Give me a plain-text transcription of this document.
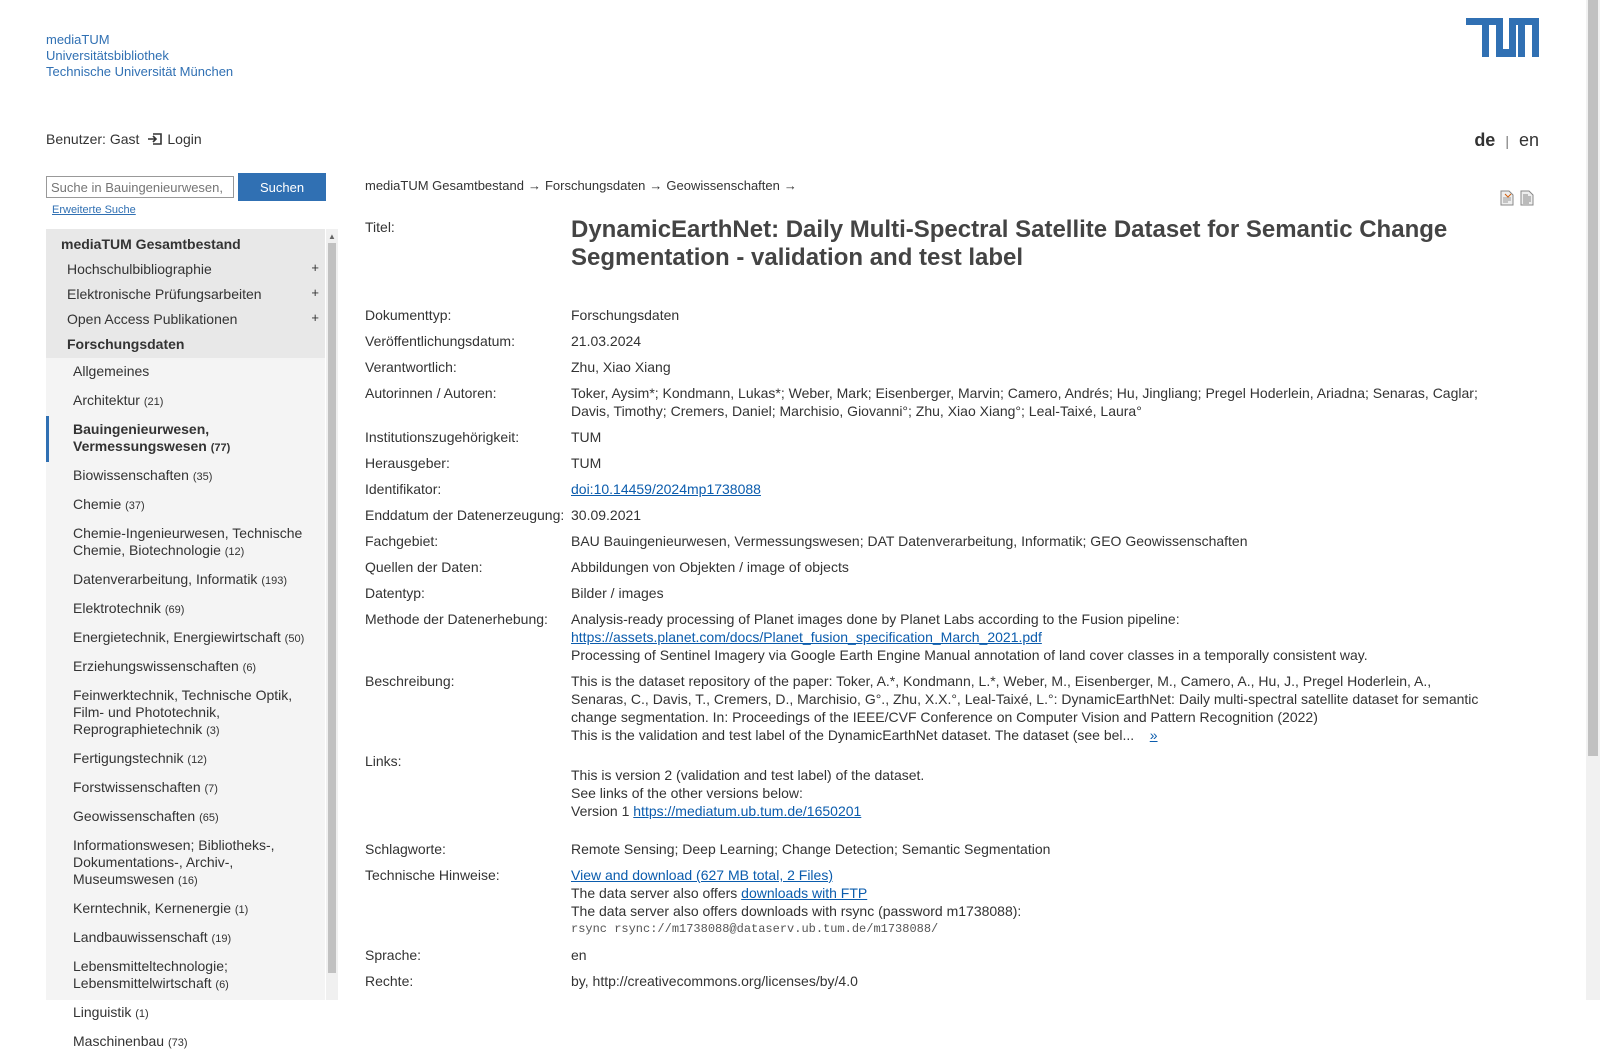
mediaTUM
Universitätsbibliothek
Technische Universität München
Benutzer: Gast Login	de | en
Suche in Bauingenieurwesen,
Suchen
Erweiterte Suche
mediaTUM Gesamtbestand
Hochschulbibliographie	+
Elektronische Prüfungsarbeiten	+
Open Access Publikationen	+
Forschungsdaten
Allgemeines
Architektur (21)
Bauingenieurwesen, Vermessungswesen (77)
Biowissenschaften (35)
Chemie (37)
Chemie-Ingenieurwesen, Technische Chemie, Biotechnologie (12)
Datenverarbeitung, Informatik (193)
Elektrotechnik (69)
Energietechnik, Energiewirtschaft (50)
Erziehungswissenschaften (6)
Feinwerktechnik, Technische Optik, Film- und Phototechnik, Reprographietechnik (3)
Fertigungstechnik (12)
Forstwissenschaften (7)
Geowissenschaften (65)
Informationswesen; Bibliotheks-, Dokumentations-, Archiv-, Museumswesen (16)
Kerntechnik, Kernenergie (1)
Landbauwissenschaft (19)
Lebensmitteltechnologie; Lebensmittelwirtschaft (6)
Linguistik (1)
Maschinenbau (73)
▲
mediaTUM Gesamtbestand → Forschungsdaten → Geowissenschaften →
Titel:	DynamicEarthNet: Daily Multi-Spectral Satellite Dataset for Semantic Change Segmentation - validation and test label
Dokumenttyp:	Forschungsdaten
Veröffentlichungsdatum:	21.03.2024
Verantwortlich:	Zhu, Xiao Xiang
Autorinnen / Autoren:	Toker, Aysim*; Kondmann, Lukas*; Weber, Mark; Eisenberger, Marvin; Camero, Andrés; Hu, Jingliang; Pregel Hoderlein, Ariadna; Senaras, Caglar; Davis, Timothy; Cremers, Daniel; Marchisio, Giovanni°; Zhu, Xiao Xiang°; Leal-Taixé, Laura°
Institutionszugehörigkeit:	TUM
Herausgeber:	TUM
Identifikator:	doi:10.14459/2024mp1738088
Enddatum der Datenerzeugung: 30.09.2021
Fachgebiet:	BAU Bauingenieurwesen, Vermessungswesen; DAT Datenverarbeitung, Informatik; GEO Geowissenschaften
Quellen der Daten:	Abbildungen von Objekten / image of objects
Datentyp:	Bilder / images
Methode der Datenerhebung:	Analysis-ready processing of Planet images done by Planet Labs according to the Fusion pipeline:
https://assets.planet.com/docs/Planet_fusion_specification_March_2021.pdf
Processing of Sentinel Imagery via Google Earth Engine Manual annotation of land cover classes in a temporally consistent way.
Beschreibung:	This is the dataset repository of the paper: Toker, A.*, Kondmann, L.*, Weber, M., Eisenberger, M., Camero, A., Hu, J., Pregel Hoderlein, A., Senaras, C., Davis, T., Cremers, D., Marchisio, G°., Zhu, X.X.°, Leal-Taixé, L.°: DynamicEarthNet: Daily multi-spectral satellite dataset for semantic change segmentation. In: Proceedings of the IEEE/CVF Conference on Computer Vision and Pattern Recognition (2022)
This is the validation and test label of the DynamicEarthNet dataset. The dataset (see bel... »
Links:
This is version 2 (validation and test label) of the dataset.
See links of the other versions below:
Version 1 https://mediatum.ub.tum.de/1650201
Schlagworte:	Remote Sensing; Deep Learning; Change Detection; Semantic Segmentation
Technische Hinweise:	View and download (627 MB total, 2 Files)
The data server also offers downloads with FTP
The data server also offers downloads with rsync (password m1738088):
rsync rsync://m1738088@dataserv.ub.tum.de/m1738088/
Sprache:	en
Rechte:	by, http://creativecommons.org/licenses/by/4.0
